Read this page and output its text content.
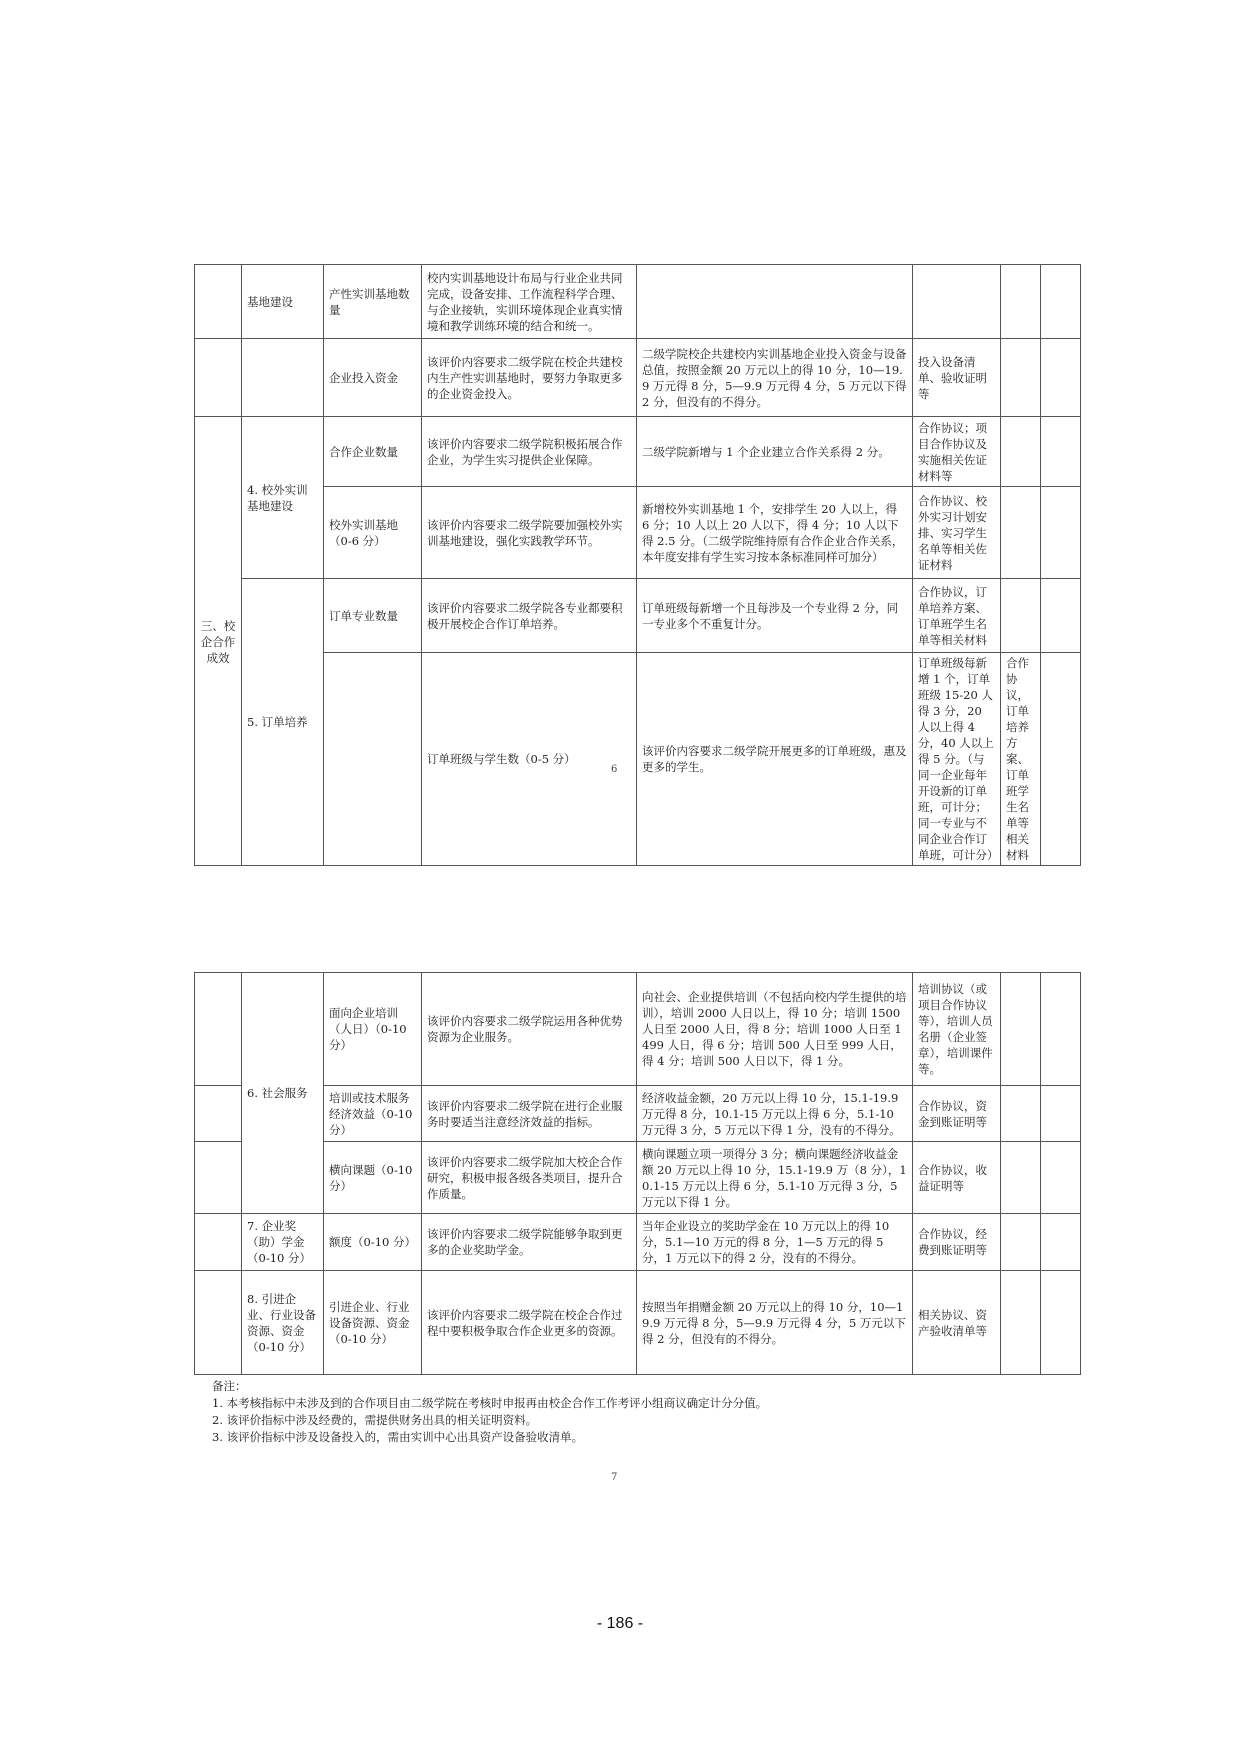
	基地建设	产性实训基地数量	校内实训基地设计布局与行业企业共同完成，设备安排、工作流程科学合理、与企业接轨，实训环境体现企业真实情境和教学训练环境的结合和统一。					
		企业投入资金	该评价内容要求二级学院在校企共建校内生产性实训基地时，要努力争取更多的企业资金投入。	二级学院校企共建校内实训基地企业投入资金与设备总值，按照金额 20 万元以上的得 10 分，10—19.9 万元得 8 分，5—9.9 万元得 4 分，5 万元以下得 2 分，但没有的不得分。	投入设备清单、验收证明等			
三、校企合作成效	4. 校外实训基地建设	合作企业数量	该评价内容要求二级学院积极拓展合作企业，为学生实习提供企业保障。	二级学院新增与 1 个企业建立合作关系得 2 分。	合作协议；项目合作协议及实施相关佐证材料等			
		校外实训基地（0-6 分）	该评价内容要求二级学院要加强校外实训基地建设，强化实践教学环节。	新增校外实训基地 1 个，安排学生 20 人以上，得 6 分；10 人以上 20 人以下，得 4 分；10 人以下得 2.5 分。（二级学院维持原有合作企业合作关系，本年度安排有学生实习按本条标准同样可加分）	合作协议、校外实习计划安排、实习学生名单等相关佐证材料			
	5. 订单培养	订单专业数量	该评价内容要求二级学院各专业都要积极开展校企合作订单培养。	订单班级每新增一个且每涉及一个专业得 2 分，同一专业多个不重复计分。	合作协议，订单培养方案、订单班学生名单等相关材料			
			订单班级与学生数（0-5 分）	该评价内容要求二级学院开展更多的订单班级，惠及更多的学生。	订单班级每新增 1 个，订单班级 15-20 人得 3 分，20 人以上得 4 分，40 人以上得 5 分。（与同一企业每年开设新的订单班，可计分；同一专业与不同企业合作订单班，可计分）	合作协议，订单培养方案、订单班学生名单等相关材料		
6
	6. 社会服务	面向企业培训（人日）（0-10 分）	该评价内容要求二级学院运用各种优势资源为企业服务。	向社会、企业提供培训（不包括向校内学生提供的培训），培训 2000 人日以上，得 10 分；培训 1500 人日至 2000 人日，得 8 分；培训 1000 人日至 1499 人日，得 6 分；培训 500 人日至 999 人日，得 4 分；培训 500 人日以下，得 1 分。	培训协议（或项目合作协议等），培训人员名册（企业签章），培训课件等。		
		培训或技术服务经济效益（0-10 分）	该评价内容要求二级学院在进行企业服务时要适当注意经济效益的指标。	经济收益金额，20 万元以上得 10 分，15.1-19.9 万元得 8 分，10.1-15 万元以上得 6 分，5.1-10 万元得 3 分，5 万元以下得 1 分，没有的不得分。	合作协议，资金到账证明等		
		横向课题（0-10 分）	该评价内容要求二级学院加大校企合作研究，积极申报各级各类项目，提升合作质量。	横向课题立项一项得分 3 分；横向课题经济收益金额 20 万元以上得 10 分，15.1-19.9 万（8 分），10.1-15 万元以上得 6 分，5.1-10 万元得 3 分，5 万元以下得 1 分。	合作协议，收益证明等		
	7. 企业奖（助）学金（0-10 分）	额度（0-10 分）	该评价内容要求二级学院能够争取到更多的企业奖助学金。	当年企业设立的奖助学金在 10 万元以上的得 10 分，5.1—10 万元的得 8 分，1—5 万元的得 5 分，1 万元以下的得 2 分，没有的不得分。	合作协议，经费到账证明等		
	8. 引进企业、行业设备资源、资金（0-10 分）	引进企业、行业设备资源、资金（0-10 分）	该评价内容要求二级学院在校企合作过程中要积极争取合作企业更多的资源。	按照当年捐赠金额 20 万元以上的得 10 分，10—19.9 万元得 8 分，5—9.9 万元得 4 分，5 万元以下得 2 分，但没有的不得分。	相关协议、资产验收清单等		
备注：
1. 本考核指标中未涉及到的合作项目由二级学院在考核时申报再由校企合作工作考评小组商议确定计分分值。
2. 该评价指标中涉及经费的，需提供财务出具的相关证明资料。
3. 该评价指标中涉及设备投入的，需由实训中心出具资产设备验收清单。
7
- 186 -
